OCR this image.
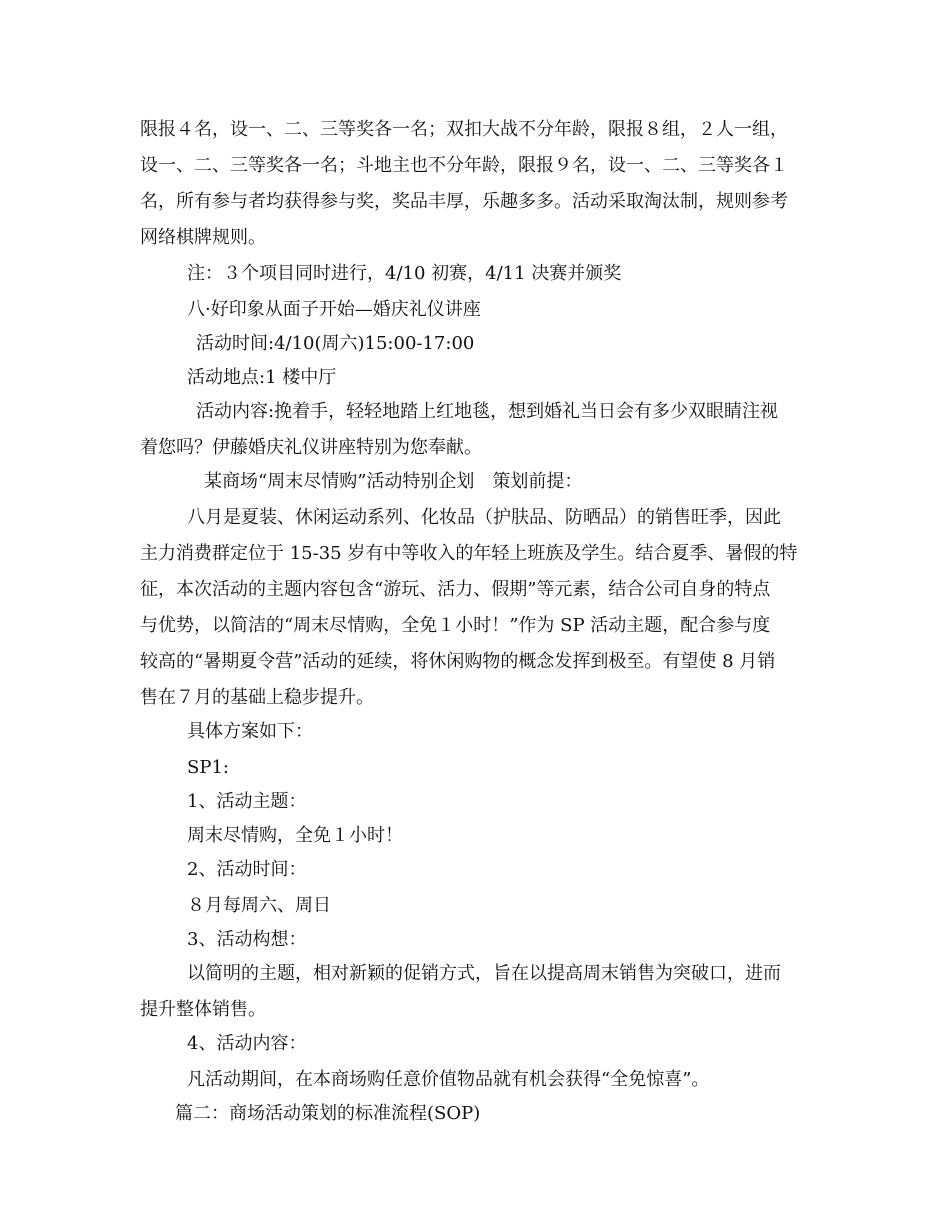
限报４名，设一、二、三等奖各一名；双扣大战不分年龄，限报８组，２人一组，
设一、二、三等奖各一名；斗地主也不分年龄，限报９名，设一、二、三等奖各１
名，所有参与者均获得参与奖，奖品丰厚，乐趣多多。活动采取淘汰制，规则参考
网络棋牌规则。
注：３个项目同时进行，4/10 初赛，4/11 决赛并颁奖
八·好印象从面子开始—婚庆礼仪讲座
活动时间:4/10(周六)15:00-17:00
活动地点:1 楼中厅
活动内容:挽着手，轻轻地踏上红地毯，想到婚礼当日会有多少双眼睛注视
着您吗？伊藤婚庆礼仪讲座特别为您奉献。
某商场“周末尽情购”活动特别企划　策划前提：
八月是夏装、休闲运动系列、化妆品（护肤品、防晒品）的销售旺季，因此
主力消费群定位于 15-35 岁有中等收入的年轻上班族及学生。结合夏季、暑假的特
征，本次活动的主题内容包含“游玩、活力、假期”等元素，结合公司自身的特点
与优势，以简洁的“周末尽情购，全免１小时！”作为 SP 活动主题，配合参与度
较高的“暑期夏令营”活动的延续，将休闲购物的概念发挥到极至。有望使 8 月销
售在７月的基础上稳步提升。
具体方案如下：
SP1:
1、活动主题：
周末尽情购，全免１小时！
2、活动时间：
８月每周六、周日
3、活动构想：
以简明的主题，相对新颖的促销方式，旨在以提高周末销售为突破口，进而
提升整体销售。
4、活动内容：
凡活动期间，在本商场购任意价值物品就有机会获得“全免惊喜”。
篇二：商场活动策划的标准流程(SOP)
